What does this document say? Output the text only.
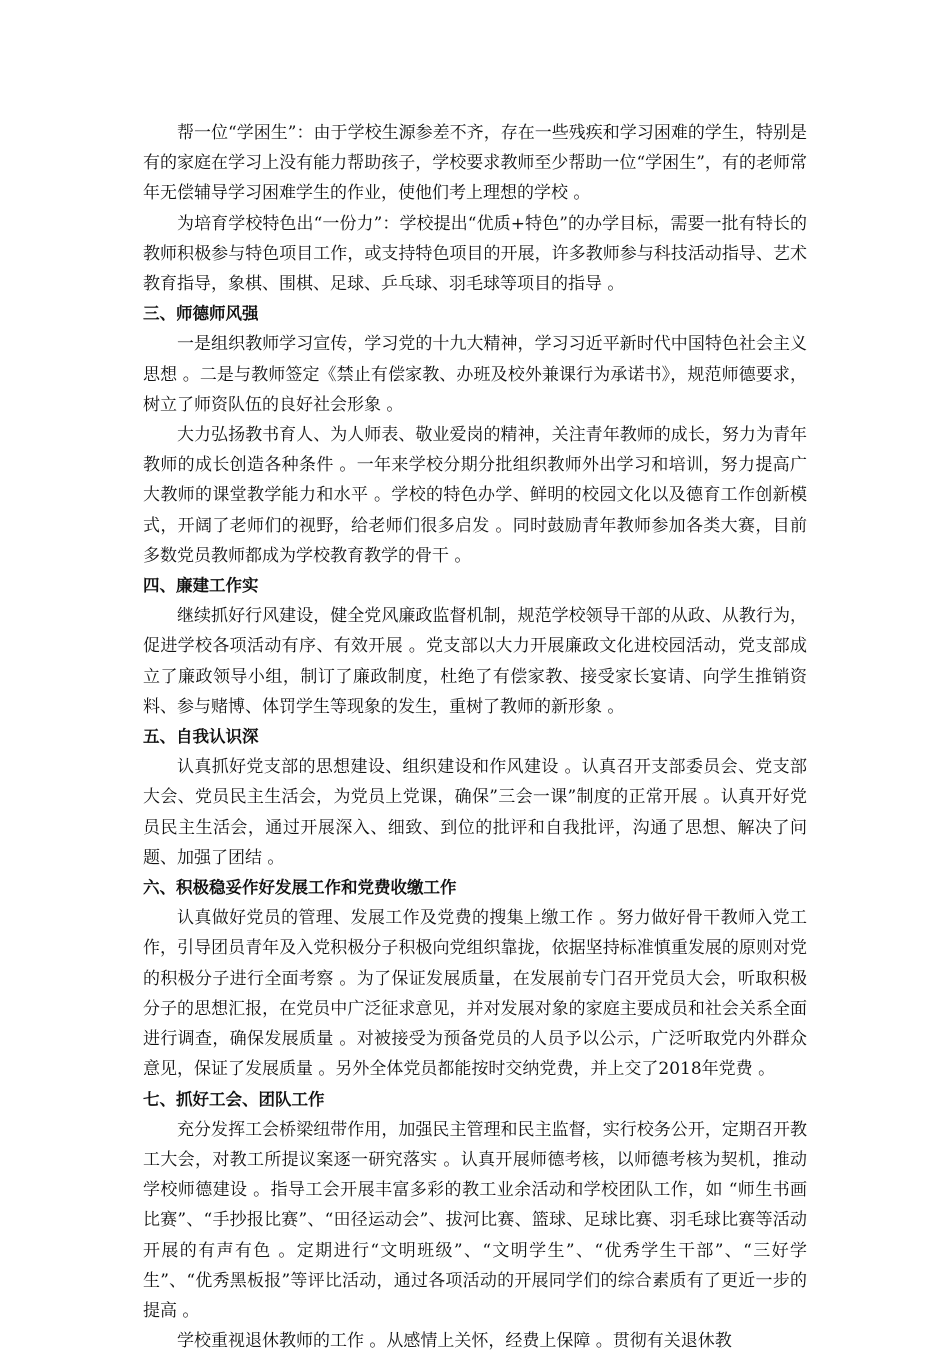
帮一位“学困生”：由于学校生源参差不齐，存在一些残疾和学习困难的学生，特别是有的家庭在学习上没有能力帮助孩子，学校要求教师至少帮助一位“学困生”，有的老师常年无偿辅导学习困难学生的作业，使他们考上理想的学校 。

为培育学校特色出“一份力”：学校提出“优质+特色”的办学目标，需要一批有特长的教师积极参与特色项目工作，或支持特色项目的开展，许多教师参与科技活动指导、艺术教育指导，象棋、围棋、足球、乒乓球、羽毛球等项目的指导 。

三、师德师风强

一是组织教师学习宣传，学习党的十九大精神，学习习近平新时代中国特色社会主义思想 。二是与教师签定《禁止有偿家教、办班及校外兼课行为承诺书》，规范师德要求，树立了师资队伍的良好社会形象 。

大力弘扬教书育人、为人师表、敬业爱岗的精神，关注青年教师的成长，努力为青年教师的成长创造各种条件 。一年来学校分期分批组织教师外出学习和培训，努力提高广大教师的课堂教学能力和水平 。学校的特色办学、鲜明的校园文化以及德育工作创新模式，开阔了老师们的视野，给老师们很多启发 。同时鼓励青年教师参加各类大赛，目前多数党员教师都成为学校教育教学的骨干 。

四、廉建工作实

继续抓好行风建设，健全党风廉政监督机制，规范学校领导干部的从政、从教行为，促进学校各项活动有序、有效开展 。党支部以大力开展廉政文化进校园活动，党支部成立了廉政领导小组，制订了廉政制度，杜绝了有偿家教、接受家长宴请、向学生推销资料、参与赌博、体罚学生等现象的发生，重树了教师的新形象 。

五、自我认识深

认真抓好党支部的思想建设、组织建设和作风建设 。认真召开支部委员会、党支部大会、党员民主生活会，为党员上党课，确保”三会一课”制度的正常开展 。认真开好党员民主生活会，通过开展深入、细致、到位的批评和自我批评，沟通了思想、解决了问题、加强了团结 。

六、积极稳妥作好发展工作和党费收缴工作

认真做好党员的管理、发展工作及党费的搜集上缴工作 。努力做好骨干教师入党工作，引导团员青年及入党积极分子积极向党组织靠拢，依据坚持标准慎重发展的原则对党的积极分子进行全面考察 。为了保证发展质量，在发展前专门召开党员大会，听取积极分子的思想汇报，在党员中广泛征求意见，并对发展对象的家庭主要成员和社会关系全面进行调查，确保发展质量 。对被接受为预备党员的人员予以公示，广泛听取党内外群众意见，保证了发展质量 。另外全体党员都能按时交纳党费，并上交了2018年党费 。

七、抓好工会、团队工作

充分发挥工会桥梁纽带作用，加强民主管理和民主监督，实行校务公开，定期召开教工大会，对教工所提议案逐一研究落实 。认真开展师德考核，以师德考核为契机，推动学校师德建设 。指导工会开展丰富多彩的教工业余活动和学校团队工作，如 “师生书画比赛”、“手抄报比赛”、“田径运动会”、拔河比赛、篮球、足球比赛、羽毛球比赛等活动开展的有声有色 。定期进行“文明班级”、“文明学生”、“优秀学生干部”、“三好学生”、“优秀黑板报”等评比活动，通过各项活动的开展同学们的综合素质有了更近一步的提高 。

学校重视退休教师的工作 。从感情上关怀，经费上保障 。贯彻有关退休教
